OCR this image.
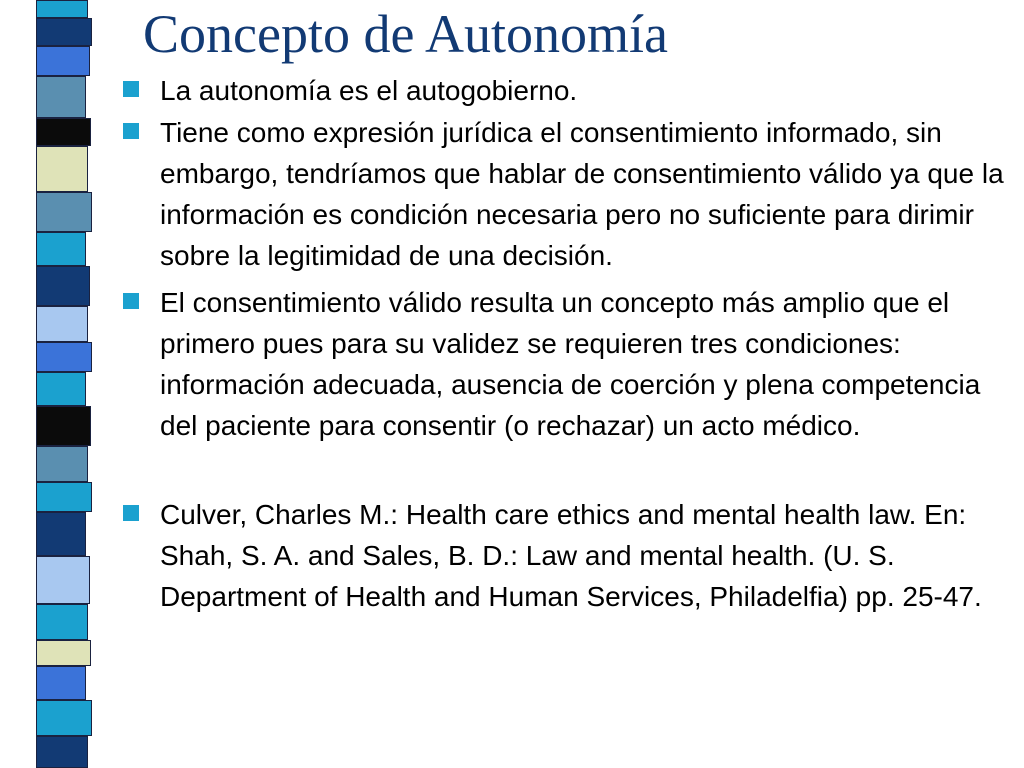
Concepto de Autonomía
La autonomía es el autogobierno.
Tiene como expresión jurídica el consentimiento informado, sin embargo, tendríamos que hablar de consentimiento válido ya que la información es condición necesaria pero no suficiente para dirimir sobre la legitimidad de una decisión.
El consentimiento válido resulta un concepto más amplio que el primero pues para su validez se requieren tres condiciones: información adecuada, ausencia de coerción y plena competencia del paciente para consentir (o rechazar) un acto médico.
Culver, Charles M.: Health care ethics and mental health law. En: Shah, S. A. and Sales, B. D.: Law and mental health. (U. S. Department of Health and Human Services, Philadelfia) pp. 25-47.
